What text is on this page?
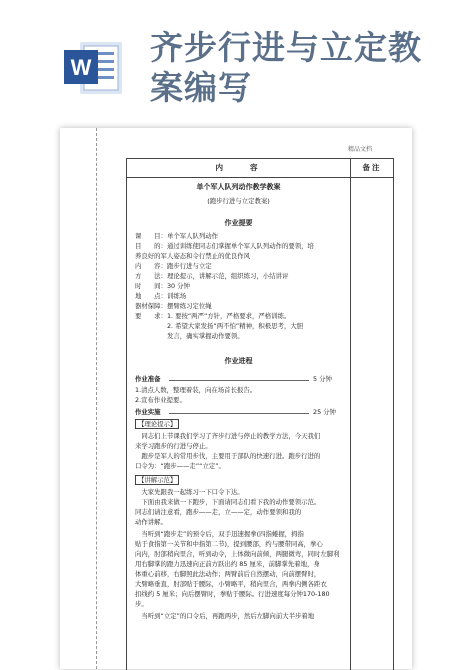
W
齐步行进与立定教
案编写
精品文档
内　　容	备注
单个军人队列动作教学教案
(跑步行进与立定教案)
作业提要
课　　目：单个军人队列动作
目　　的：通过训练使同志们掌握单个军人队列动作的要领，培
养良好的军人姿态和令行禁止的优良作风
内　　容：跑步行进与立定
方　　法：理论提示，讲解示范，组织练习，小结讲评
时　　间：30 分钟
地　　点：训练场
器材保障：摆臂练习定位绳
要　　求：1. 要按“两严”方针，严格要求，严格训练。
　　　　　2. 希望大家发扬“两不怕”精神，积极思考，大胆
　　　　　发言，确实掌握动作要领。
作业进程
作业准备	5 分钟
1.清点人数，整理着装，向在场首长报告。
2.宣布作业提要。
作业实施	25 分钟
【理论提示】
　同志们上节课我们学习了齐步行进与停止的教学方法，今天我们
来学习跑步的行进与停止。
　跑步是军人的常用步伐，主要用于部队的快速行进。跑步行进的
口令为：“跑步——走”“立定”。
【讲解示范】
　大家先跟我一起练习一下口令下达。
　下面由我来做一下跑步，下面请同志们看下我的动作要领示范。
同志们请注意看，跑步——走，立——定，动作要领和我的
动作讲解。
　当听到“跑步走”的预令后，双手迅速握拳(四指蜷握，拇指
贴于食指第一关节和中指第二节)，提到腰部，约与腰带同高，拳心
向内，肘部稍向里合，听到动令，上体微向前倾，两腿微弯，同时左脚利
用右脚掌的蹬力迅速向正前方跃出约 85 厘米，前脚掌先着地，身
体重心前移，右脚照此法动作；两臂前后自然摆动，向前摆臂时，
大臂略垂直，肘部贴于腰际，小臂略平，稍向里合，两拳内侧各距衣
扣线约 5 厘米；向后摆臂时，拳贴于腰际。行进速度每分钟170-180
步。
　当听到“立定”的口令后，再跑两步，然后左脚向前大半步着地
